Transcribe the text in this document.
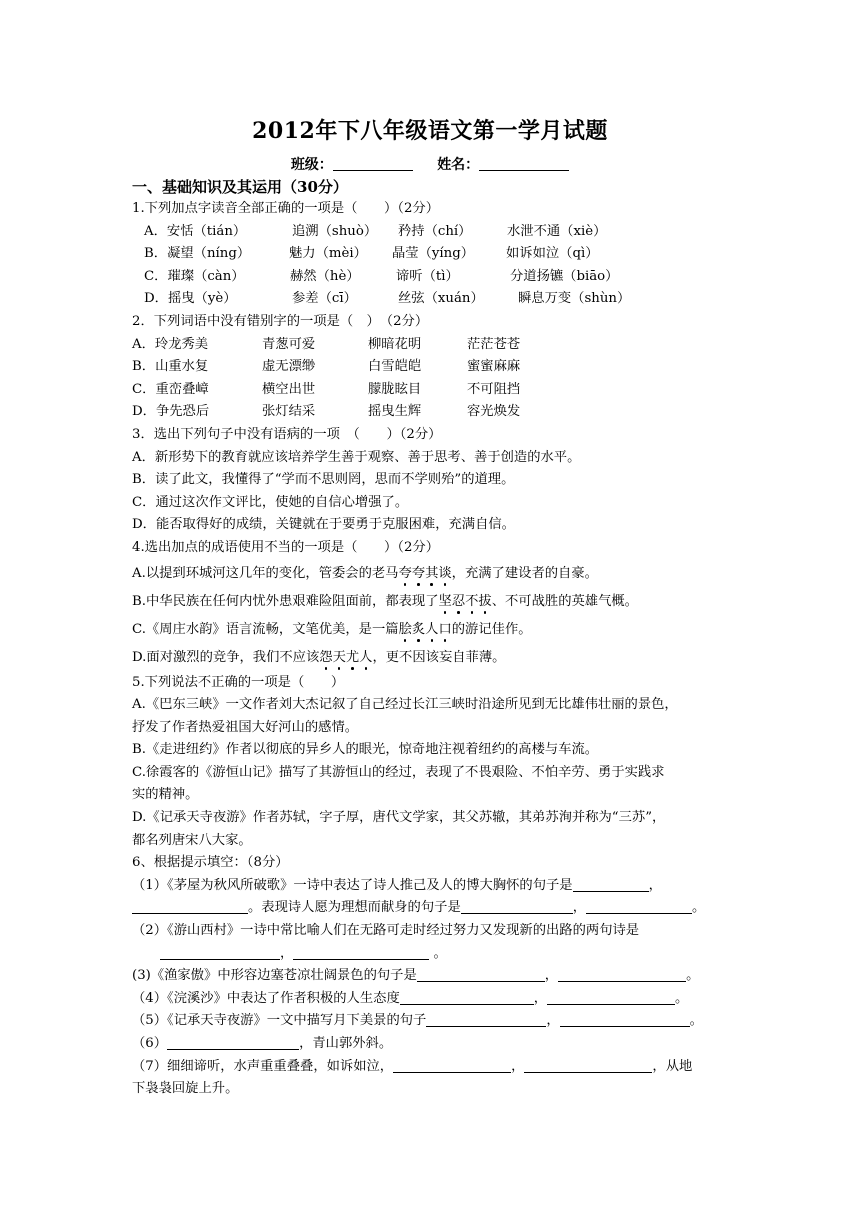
2012年下八年级语文第一学月试题
班级：	姓名：
一、基础知识及其运用（30分）
1.下列加点字读音全部正确的一项是（　　）（2分）
A．安恬（tián）	追溯（shuò） 矜持（chí）	水泄不通（xiè）
B．凝望（níng）	魅力（mèi） 晶莹（yíng） 如诉如泣（qì）
C．璀璨（càn）	赫然（hè）	谛听（tì）	分道扬镳（biāo）
D．摇曳（yè）	参差（cī）	丝弦（xuán）	瞬息万变（shùn）
2．下列词语中没有错别字的一项是（　）　（2分）
A．玲龙秀美	青葱可爱	柳暗花明	茫茫苍苍
B．山重水复	虚无漂缈	白雪皑皑	蜜蜜麻麻
C．重峦叠嶂	横空出世	朦胧眩目	不可阻挡
D．争先恐后	张灯结采	摇曳生辉	容光焕发
3．选出下列句子中没有语病的一项　（　　）（2分）
A．新形势下的教育就应该培养学生善于观察、善于思考、善于创造的水平。
B．读了此文，我懂得了“学而不思则罔，思而不学则殆”的道理。
C．通过这次作文评比，使她的自信心增强了。
D．能否取得好的成绩，关键就在于要勇于克服困难，充满自信。
4.选出加点的成语使用不当的一项是（　　）（2分）
A.以提到环城河这几年的变化，管委会的老马夸夸其谈，充满了建设者的自豪。
B.中华民族在任何内忧外患艰难险阻面前，都表现了坚忍不拔、不可战胜的英雄气概。
C.《周庄水韵》语言流畅，文笔优美，是一篇脍炙人口的游记佳作。
D.面对激烈的竞争，我们不应该怨天尤人，更不因该妄自菲薄。
5.下列说法不正确的一项是（　　）
A.《巴东三峡》一文作者刘大杰记叙了自己经过长江三峡时沿途所见到无比雄伟壮丽的景色，
抒发了作者热爱祖国大好河山的感情。
B.《走进纽约》作者以彻底的异乡人的眼光，惊奇地注视着纽约的高楼与车流。
C.徐霞客的《游恒山记》描写了其游恒山的经过，表现了不畏艰险、不怕辛劳、勇于实践求
实的精神。
D.《记承天寺夜游》作者苏轼，字子厚，唐代文学家，其父苏辙，其弟苏洵并称为“三苏”，
都名列唐宋八大家。
6、根据提示填空：（8分）
（1）《茅屋为秋风所破歌》一诗中表达了诗人推己及人的博大胸怀的句子是	，
。表现诗人愿为理想而献身的句子是	，	。
（2）《游山西村》一诗中常比喻人们在无路可走时经过努力又发现新的出路的两句诗是
，	。
(3)《渔家傲》中形容边塞苍凉壮阔景色的句子是	，	。
（4）《浣溪沙》中表达了作者积极的人生态度	，	。
（5）《记承天寺夜游》一文中描写月下美景的句子	，	。
（6）	，青山郭外斜。
（7）细细谛听，水声重重叠叠，如诉如泣，	，	，从地
下袅袅回旋上升。
